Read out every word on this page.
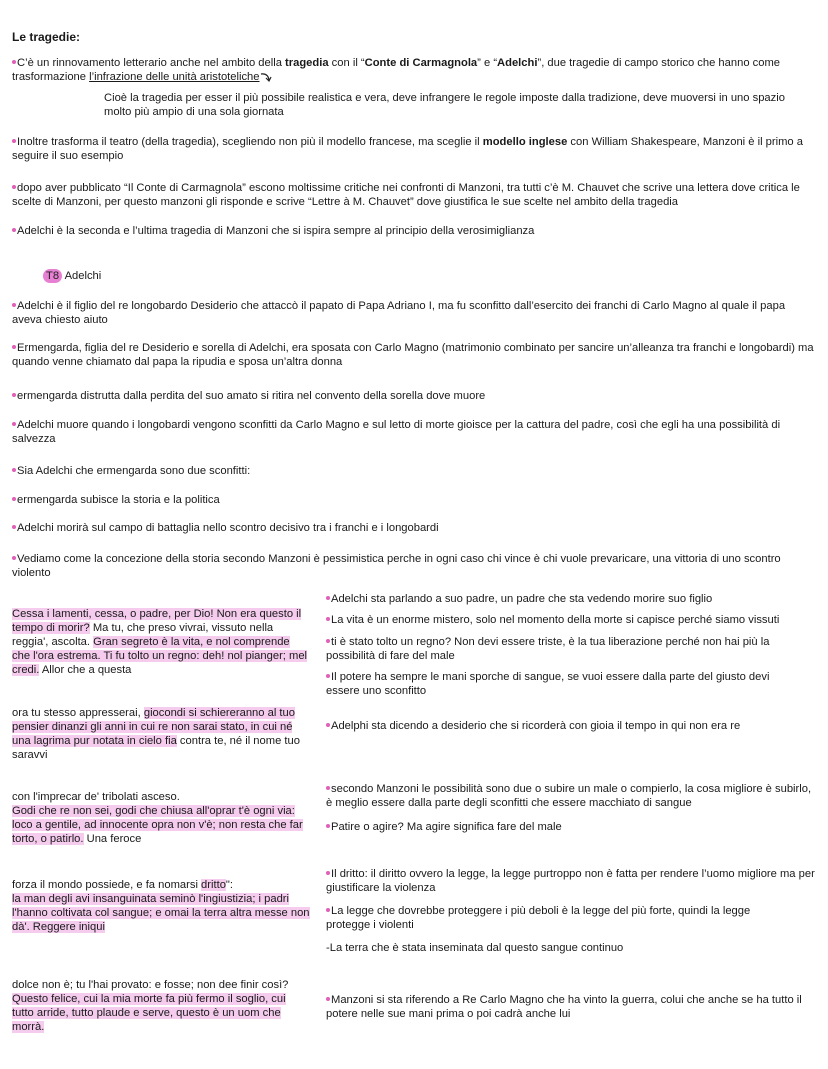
Le tragedie:

C’è un rinnovamento letterario anche nel ambito della tragedia con il “Conte di Carmagnola” e “Adelchi”, due tragedie di campo storico che hanno come trasformazione l’infrazione delle unità aristoteliche

Cioè la tragedia per esser il più possibile realistica e vera, deve infrangere le regole imposte dalla tradizione, deve muoversi in uno spazio molto più ampio di una sola giornata

Inoltre trasforma il teatro (della tragedia), scegliendo non più il modello francese, ma sceglie il modello inglese con William Shakespeare, Manzoni è il primo a seguire il suo esempio

dopo aver pubblicato “Il Conte di Carmagnola” escono moltissime critiche nei confronti di Manzoni, tra tutti c’è M. Chauvet che scrive una lettera dove critica le scelte di Manzoni, per questo manzoni gli risponde e scrive “Lettre à M. Chauvet” dove giustifica le sue scelte nel ambito della tragedia

Adelchi è la seconda e l’ultima tragedia di Manzoni che si ispira sempre al principio della verosimiglianza

T8 Adelchi

Adelchi è il figlio del re longobardo Desiderio che attaccò il papato di Papa Adriano I, ma fu sconfitto dall’esercito dei franchi di Carlo Magno al quale il papa aveva chiesto aiuto

Ermengarda, figlia del re Desiderio e sorella di Adelchi, era sposata con Carlo Magno (matrimonio combinato per sancire un’alleanza tra franchi e longobardi) ma quando venne chiamato dal papa la ripudia e sposa un’altra donna

ermengarda distrutta dalla perdita del suo amato si ritira nel convento della sorella dove muore

Adelchi muore quando i longobardi vengono sconfitti da Carlo Magno e sul letto di morte gioisce per la cattura del padre, così che egli ha una possibilità di salvezza

Sia Adelchi che ermengarda sono due sconfitti:

ermengarda subisce la storia e la politica

Adelchi morirà sul campo di battaglia nello scontro decisivo tra i franchi e i longobardi

Vediamo come la concezione della storia secondo Manzoni è pessimistica perche in ogni caso chi vince è chi vuole prevaricare, una vittoria di uno scontro violento

Cessa i lamenti, cessa, o padre, per Dio! Non era questo il tempo di morir? Ma tu, che preso vivrai, vissuto nella reggia', ascolta. Gran segreto è la vita, e nol comprende che l'ora estrema. Ti fu tolto un regno: deh! nol pianger; mel credi. Allor che a questa

ora tu stesso appresserai, giocondi si schiereranno al tuo pensier dinanzi gli anni in cui re non sarai stato, in cui né una lagrima pur notata in cielo fia contra te, né il nome tuo saravvi

con l'imprecar de' tribolati asceso.
Godi che re non sei, godi che chiusa all'oprar t'è ogni via: loco a gentile, ad innocente opra non v'è; non resta che far torto, o patirlo. Una feroce

forza il mondo possiede, e fa nomarsi dritto":
la man degli avi insanguinata seminò l'ingiustizia; i padri l'hanno coltivata col sangue; e omai la terra altra messe non dà'. Reggere iniqui

dolce non è; tu l'hai provato: e fosse; non dee finir così? Questo felice, cui la mia morte fa più fermo il soglio, cui tutto arride, tutto plaude e serve, questo è un uom che morrà.

Adelchi sta parlando a suo padre, un padre che sta vedendo morire suo figlio

La vita è un enorme mistero, solo nel momento della morte si capisce perché siamo vissuti

ti è stato tolto un regno? Non devi essere triste, è la tua liberazione perché non hai più la possibilità di fare del male

Il potere ha sempre le mani sporche di sangue, se vuoi essere dalla parte del giusto devi essere uno sconfitto

Adelphi sta dicendo a desiderio che si ricorderà con gioia il tempo in qui non era re

secondo Manzoni le possibilità sono due o subire un male o compierlo, la cosa migliore è subirlo, è meglio essere dalla parte degli sconfitti che essere macchiato di sangue

Patire o agire? Ma agire significa fare del male

Il dritto: il diritto ovvero la legge, la legge purtroppo non è fatta per rendere l’uomo migliore ma per giustificare la violenza

La legge che dovrebbe proteggere i più deboli è la legge del più forte, quindi la legge protegge i violenti

-La terra che è stata inseminata dal questo sangue continuo

Manzoni si sta riferendo a Re Carlo Magno che ha vinto la guerra, colui che anche se ha tutto il potere nelle sue mani prima o poi cadrà anche lui
